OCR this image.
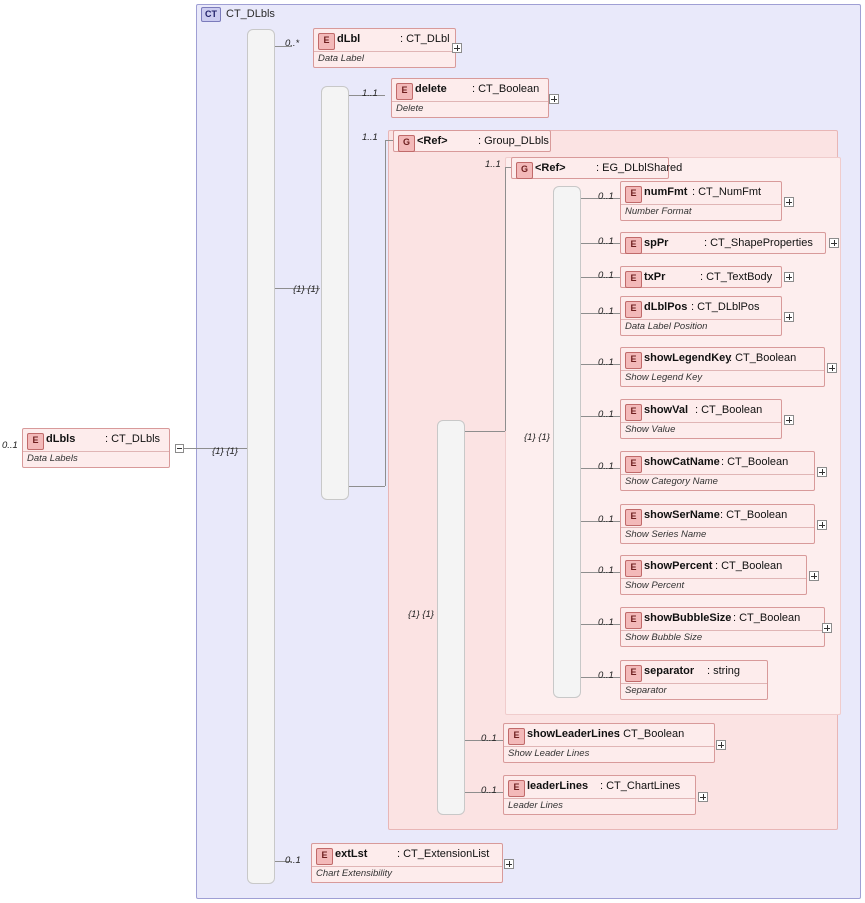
CT CT_DLbls
0..1	E dLbls	: CT_DLbls
Data Labels
{1} {1}
0..*	E dLbl	: CT_DLbl
Data Label
{1} {1}
1..1	E delete : CT_Boolean
Delete
1..1	G <Ref>	: Group_DLbls
{1} {1}
1..1	G <Ref>	: EG_DLblShared
{1} {1}
0..1	E numFmt : CT_NumFmt
Number Format
0..1	E spPr	: CT_ShapeProperties
0..1	E txPr	: CT_TextBody
0..1	E dLblPos : CT_DLblPos
Data Label Position
0..1	E showLegendKey
: CT_Boolean
Show Legend Key
0..1	E showVal : CT_Boolean
Show Value
0..1	E showCatName : CT_Boolean
Show Category Name
0..1	E showSerName : CT_Boolean
Show Series Name
0..1	E showPercent : CT_Boolean
Show Percent
0..1	E showBubbleSize : CT_Boolean
Show Bubble Size
0..1	E separator : string
Separator
0..1	E showLeaderLines
: CT_Boolean
Show Leader Lines
0..1	E leaderLines : CT_ChartLines
Leader Lines
0..1	E extLst	: CT_ExtensionList
Chart Extensibility
